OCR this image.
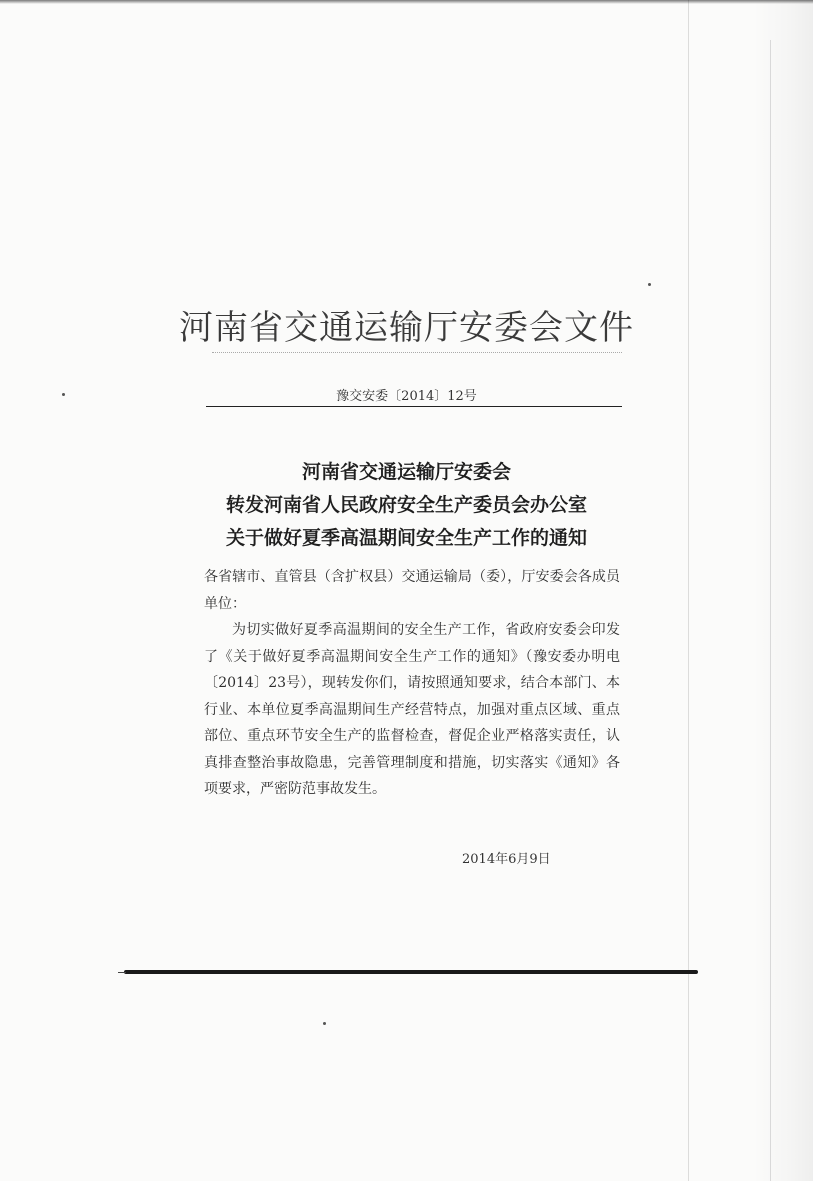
河南省交通运输厅安委会文件
豫交安委〔2014〕12号
河南省交通运输厅安委会
转发河南省人民政府安全生产委员会办公室
关于做好夏季高温期间安全生产工作的通知

各省辖市、直管县（含扩权县）交通运输局（委），厅安委会各成员单位：

为切实做好夏季高温期间的安全生产工作，省政府安委会印发了《关于做好夏季高温期间安全生产工作的通知》（豫安委办明电〔2014〕23号），现转发你们，请按照通知要求，结合本部门、本行业、本单位夏季高温期间生产经营特点，加强对重点区域、重点部位、重点环节安全生产的监督检查，督促企业严格落实责任，认真排查整治事故隐患，完善管理制度和措施，切实落实《通知》各项要求，严密防范事故发生。

2014年6月9日
